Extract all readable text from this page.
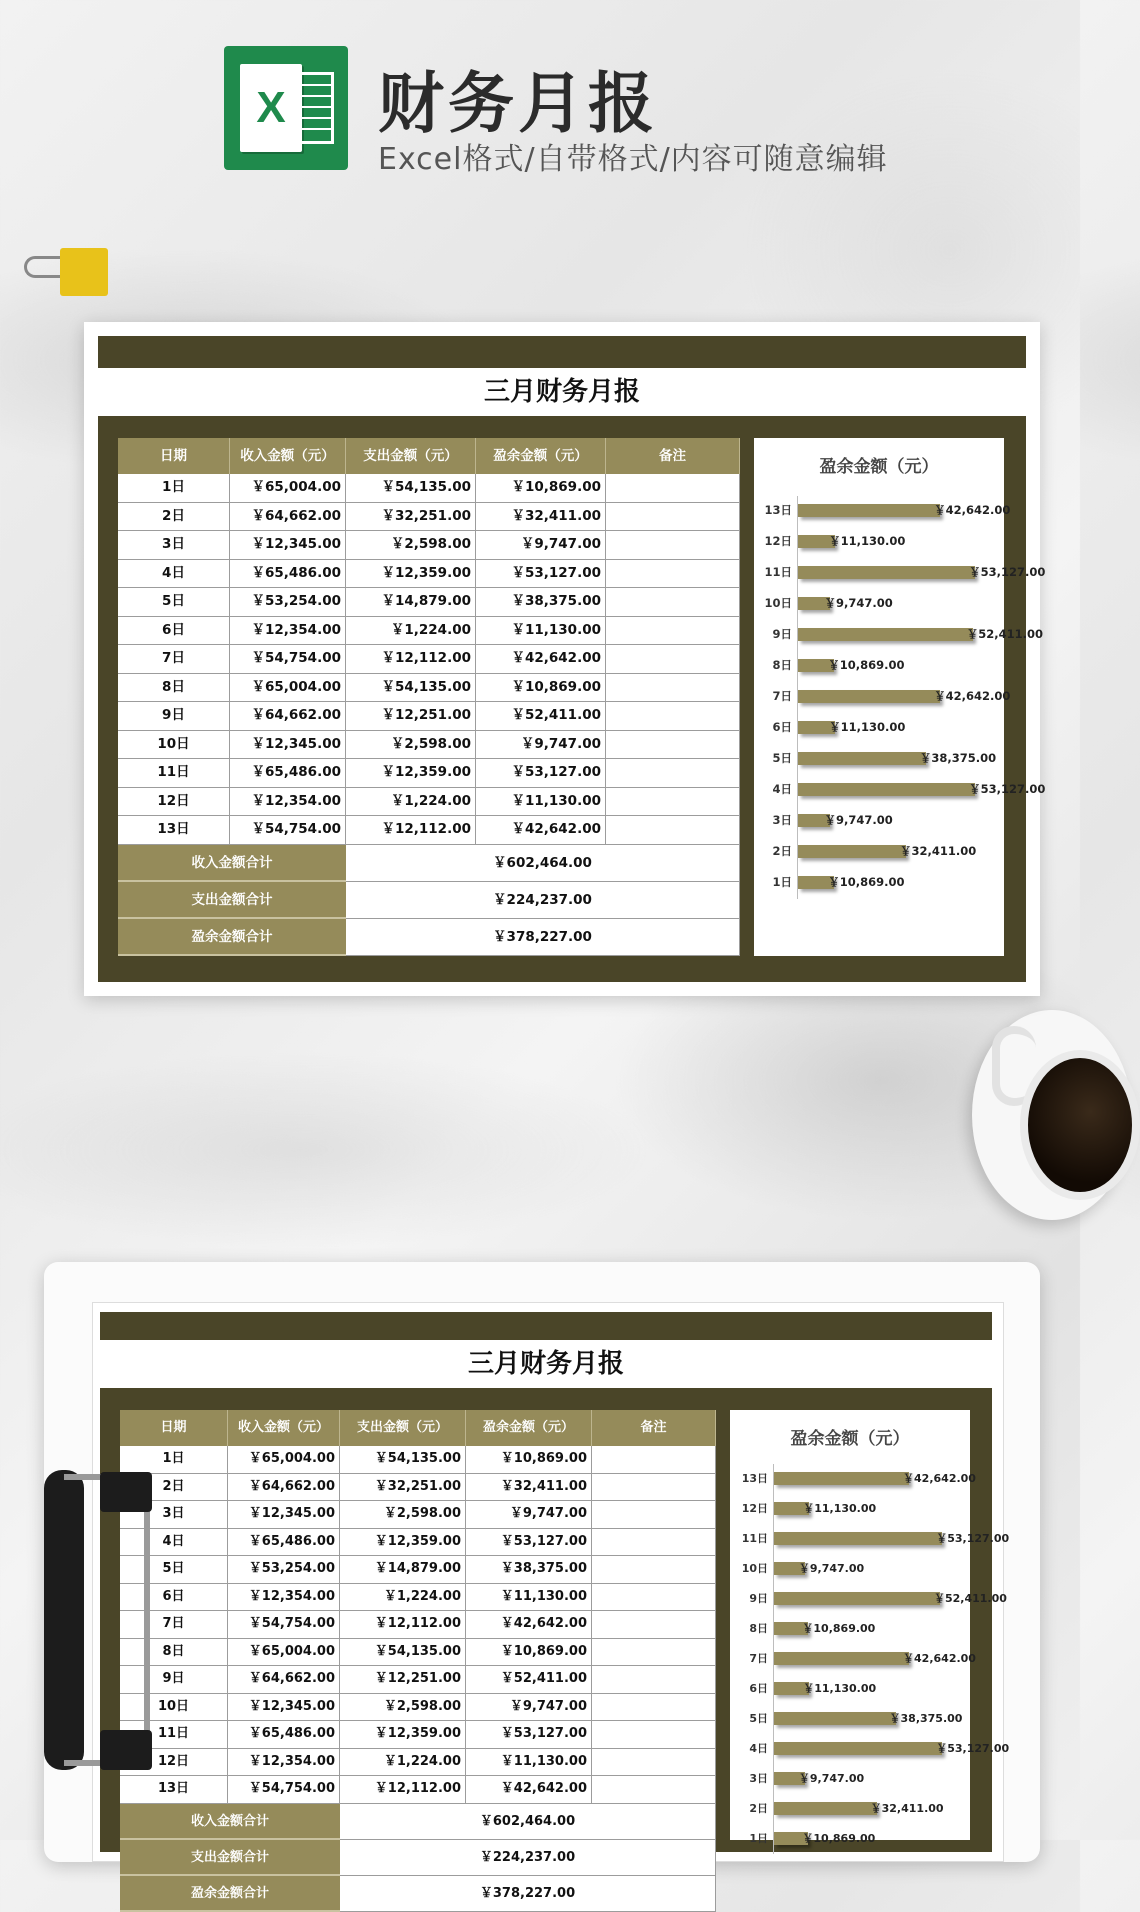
X 财务月报
Excel格式/自带格式/内容可随意编辑
三月财务月报
日期	收入金额（元）	支出金额（元）	盈余金额（元）	备注
1日	￥65,004.00	￥54,135.00	￥10,869.00
2日	￥64,662.00	￥32,251.00	￥32,411.00
3日	￥12,345.00	￥2,598.00	￥9,747.00
4日	￥65,486.00	￥12,359.00	￥53,127.00
5日	￥53,254.00	￥14,879.00	￥38,375.00
6日	￥12,354.00	￥1,224.00	￥11,130.00
7日	￥54,754.00	￥12,112.00	￥42,642.00
8日	￥65,004.00	￥54,135.00	￥10,869.00
9日	￥64,662.00	￥12,251.00	￥52,411.00
10日	￥12,345.00	￥2,598.00	￥9,747.00
11日	￥65,486.00	￥12,359.00	￥53,127.00
12日	￥12,354.00	￥1,224.00	￥11,130.00
13日	￥54,754.00	￥12,112.00	￥42,642.00
收入金额合计	￥602,464.00
支出金额合计	￥224,237.00
盈余金额合计	￥378,227.00
盈余金额（元）
13日	￥42,642.00
12日	￥11,130.00
11日	￥53,127.00
10日	￥9,747.00
9日	￥52,411.00
8日	￥10,869.00
7日	￥42,642.00
6日	￥11,130.00
5日	￥38,375.00
4日	￥53,127.00
3日	￥9,747.00
2日	￥32,411.00
1日	￥10,869.00
三月财务月报
日期	收入金额（元）	支出金额（元）	盈余金额（元）	备注
1日	￥65,004.00	￥54,135.00	￥10,869.00
2日	￥64,662.00	￥32,251.00	￥32,411.00
3日	￥12,345.00	￥2,598.00	￥9,747.00
4日	￥65,486.00	￥12,359.00	￥53,127.00
5日	￥53,254.00	￥14,879.00	￥38,375.00
6日	￥12,354.00	￥1,224.00	￥11,130.00
7日	￥54,754.00	￥12,112.00	￥42,642.00
8日	￥65,004.00	￥54,135.00	￥10,869.00
9日	￥64,662.00	￥12,251.00	￥52,411.00
10日	￥12,345.00	￥2,598.00	￥9,747.00
11日	￥65,486.00	￥12,359.00	￥53,127.00
12日	￥12,354.00	￥1,224.00	￥11,130.00
13日	￥54,754.00	￥12,112.00	￥42,642.00
收入金额合计	￥602,464.00
支出金额合计	￥224,237.00
盈余金额合计	￥378,227.00
盈余金额（元）
13日	￥42,642.00
12日	￥11,130.00
11日	￥53,127.00
10日	￥9,747.00
9日	￥52,411.00
8日	￥10,869.00
7日	￥42,642.00
6日	￥11,130.00
5日	￥38,375.00
4日	￥53,127.00
3日	￥9,747.00
2日	￥32,411.00
1日	￥10,869.00
